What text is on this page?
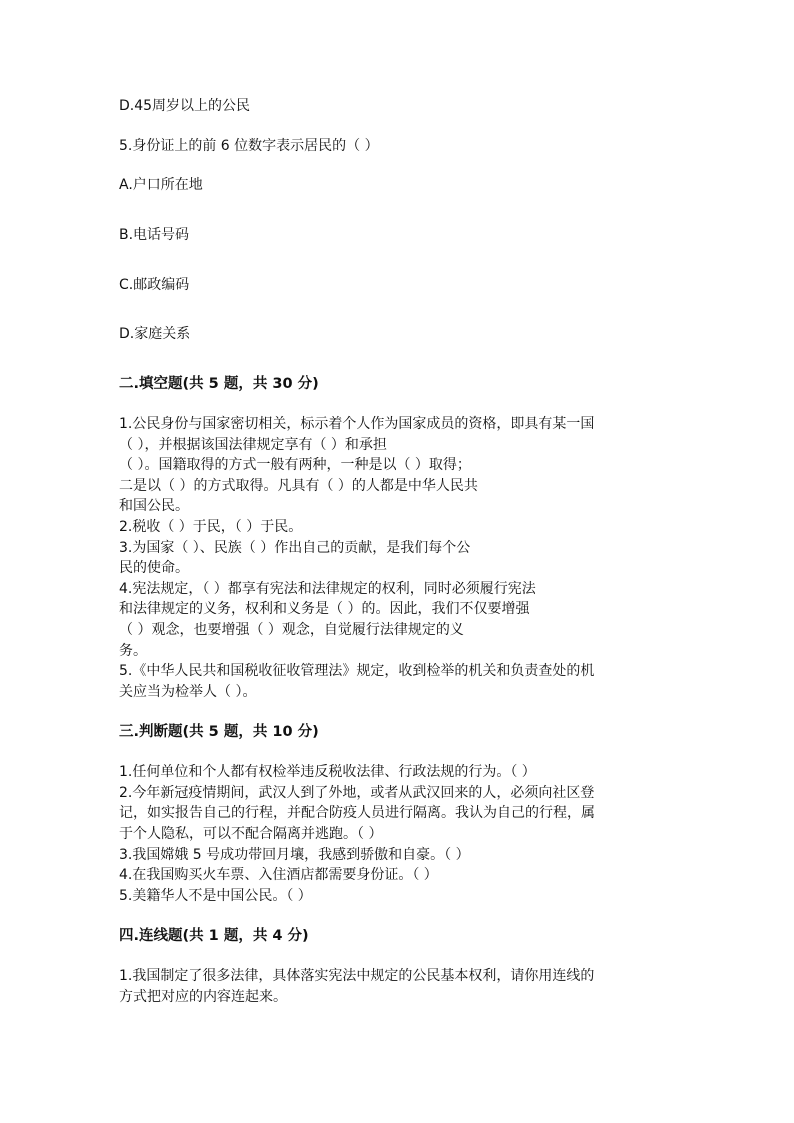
D.45周岁以上的公民
5.身份证上的前 6 位数字表示居民的（ ）
A.户口所在地
B.电话号码
C.邮政编码
D.家庭关系
二.填空题(共 5 题，共 30 分)
1.公民身份与国家密切相关，标示着个人作为国家成员的资格，即具有某一国
（ ），并根据该国法律规定享有（ ）和承担
（ ）。国籍取得的方式一般有两种，一种是以（ ）取得；
二是以（ ）的方式取得。凡具有（ ）的人都是中华人民共
和国公民。
2.税收（ ）于民，（ ）于民。
3.为国家（ ）、民族（ ）作出自己的贡献，是我们每个公
民的使命。
4.宪法规定，（ ）都享有宪法和法律规定的权利，同时必须履行宪法
和法律规定的义务，权利和义务是（ ）的。因此，我们不仅要增强
（ ）观念，也要增强（ ）观念，自觉履行法律规定的义
务。
5.《中华人民共和国税收征收管理法》规定，收到检举的机关和负责查处的机
关应当为检举人（ ）。
三.判断题(共 5 题，共 10 分)
1.任何单位和个人都有权检举违反税收法律、行政法规的行为。（ ）
2.今年新冠疫情期间，武汉人到了外地，或者从武汉回来的人，必须向社区登
记，如实报告自己的行程，并配合防疫人员进行隔离。我认为自己的行程，属
于个人隐私，可以不配合隔离并逃跑。（ ）
3.我国嫦娥 5 号成功带回月壤，我感到骄傲和自豪。（ ）
4.在我国购买火车票、入住酒店都需要身份证。（ ）
5.美籍华人不是中国公民。（ ）
四.连线题(共 1 题，共 4 分)
1.我国制定了很多法律，具体落实宪法中规定的公民基本权利，请你用连线的
方式把对应的内容连起来。
